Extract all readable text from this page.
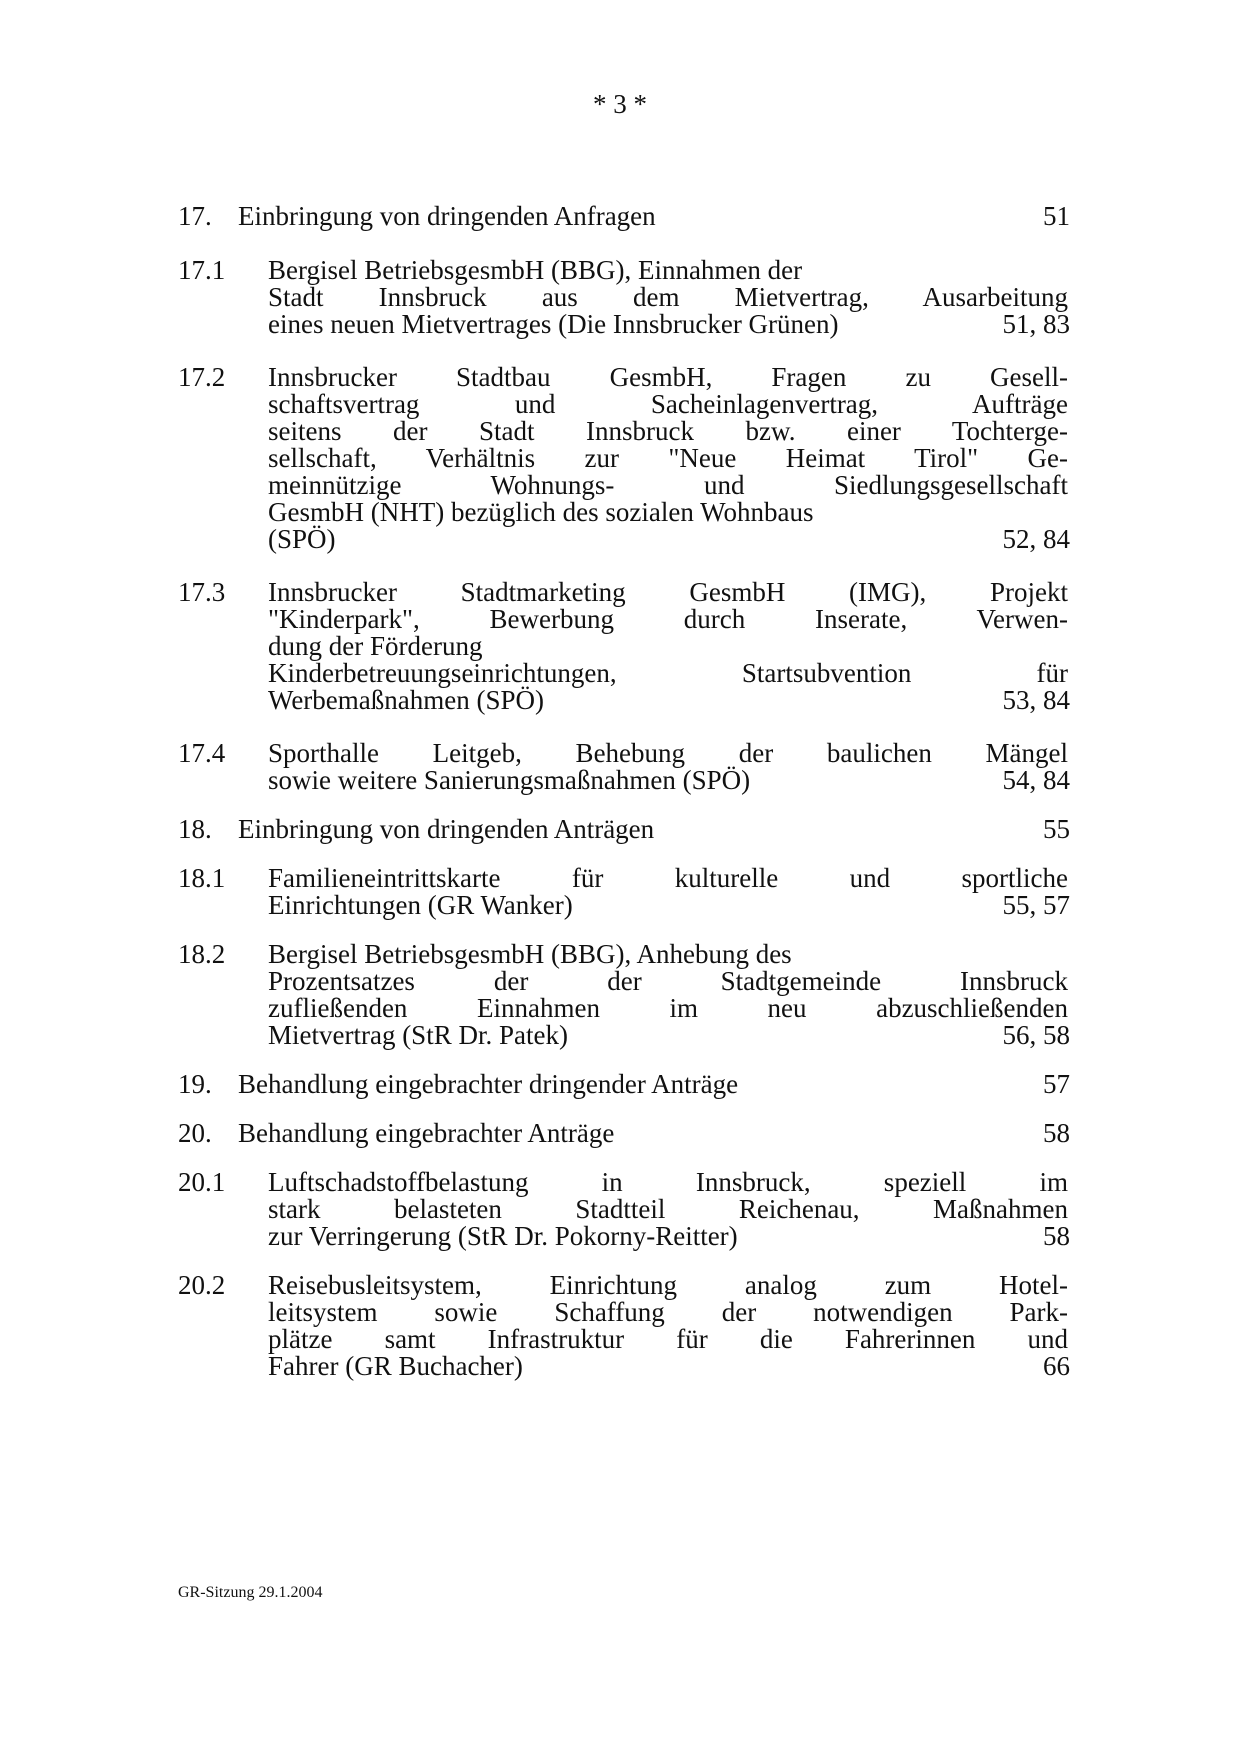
* 3 *
17. Einbringung von dringenden Anfragen	51
17.1 Bergisel BetriebsgesmbH (BBG), Einnahmen der
Stadt Innsbruck aus dem Mietvertrag, Ausarbeitung
eines neuen Mietvertrages (Die Innsbrucker Grünen)	51, 83
17.2 Innsbrucker Stadtbau GesmbH, Fragen zu Gesell-
schaftsvertrag und Sacheinlagenvertrag, Aufträge
seitens der Stadt Innsbruck bzw. einer Tochterge-
sellschaft, Verhältnis zur "Neue Heimat Tirol" Ge-
meinnützige Wohnungs- und Siedlungsgesellschaft
GesmbH (NHT) bezüglich des sozialen Wohnbaus
(SPÖ)	52, 84
17.3 Innsbrucker Stadtmarketing GesmbH (IMG), Projekt
"Kinderpark", Bewerbung durch Inserate, Verwen-
dung der Förderung
Kinderbetreuungseinrichtungen, Startsubvention für
Werbemaßnahmen (SPÖ)	53, 84
17.4 Sporthalle Leitgeb, Behebung der baulichen Mängel
sowie weitere Sanierungsmaßnahmen (SPÖ)	54, 84
18. Einbringung von dringenden Anträgen	55
18.1 Familieneintrittskarte für kulturelle und sportliche
Einrichtungen (GR Wanker)	55, 57
18.2 Bergisel BetriebsgesmbH (BBG), Anhebung des
Prozentsatzes der der Stadtgemeinde Innsbruck
zufließenden Einnahmen im neu abzuschließenden
Mietvertrag (StR Dr. Patek)	56, 58
19. Behandlung eingebrachter dringender Anträge	57
20. Behandlung eingebrachter Anträge	58
20.1 Luftschadstoffbelastung in Innsbruck, speziell im
stark belasteten Stadtteil Reichenau, Maßnahmen
zur Verringerung (StR Dr. Pokorny-Reitter)	58
20.2 Reisebusleitsystem, Einrichtung analog zum Hotel-
leitsystem sowie Schaffung der notwendigen Park-
plätze samt Infrastruktur für die Fahrerinnen und
Fahrer (GR Buchacher)	66
GR-Sitzung 29.1.2004
